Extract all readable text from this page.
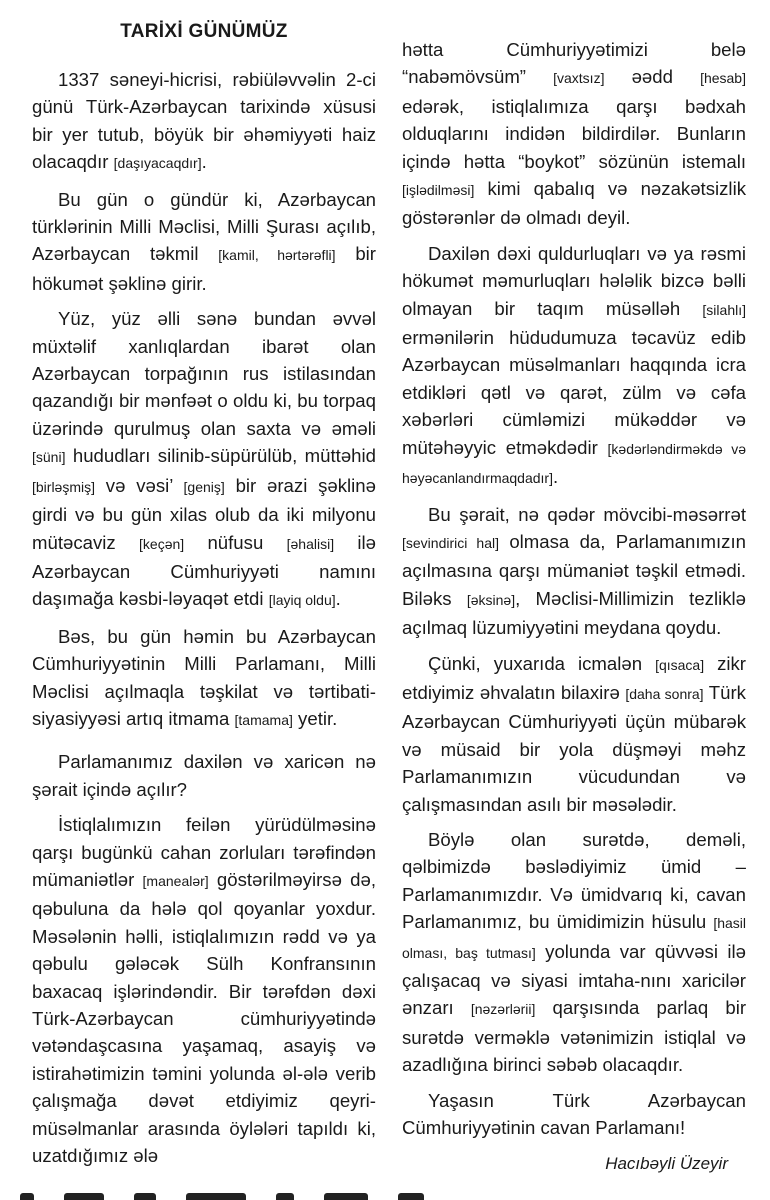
TARİXİ GÜNÜMÜZ

1337 səneyi-hicrisi, rəbiüləvvəlin 2-ci günü Türk-Azərbaycan tarixində xüsusi bir yer tutub, böyük bir əhəmiyyəti haiz olacaqdır [daşıyacaqdır].

Bu gün o gündür ki, Azərbaycan türklərinin Milli Məclisi, Milli Şurası açılıb, Azərbaycan təkmil [kamil, hərtərəfli] bir hökumət şəklinə girir.

Yüz, yüz əlli sənə bundan əvvəl müxtəlif xanlıqlardan ibarət olan Azərbaycan torpağının rus istilasından qazandığı bir mənfəət o oldu ki, bu torpaq üzərində qurulmuş olan saxta və əməli [süni] hududları silinib-süpürülüb, müttəhid [birləşmiş] və vəsi’ [geniş] bir ərazi şəklinə girdi və bu gün xilas olub da iki milyonu mütəcaviz [keçən] nüfusu [əhalisi] ilə Azərbaycan Cümhuriyyəti namını daşımağa kəsbi-ləyaqət etdi [layiq oldu].

Bəs, bu gün həmin bu Azərbaycan Cümhuriyyətinin Milli Parlamanı, Milli Məclisi açılmaqla təşkilat və tərtibati-siyasiyyəsi artıq itmama [tamama] yetir.

Parlamanımız daxilən və xaricən nə şərait içində açılır?

İstiqlalımızın feilən yürüdülməsinə qarşı bugünkü cahan zorluları tərəfindən mümaniətlər [manealər] göstərilməyirsə də, qəbuluna da hələ qol qoyanlar yoxdur. Məsələnin həlli, istiqlalımızın rədd və ya qəbulu gələcək Sülh Konfransının baxacaq işlərindəndir. Bir tərəfdən dəxi Türk-Azərbaycan cümhuriyyətində vətəndaşcasına yaşamaq, asayiş və istirahətimizin təmini yolunda əl-ələ verib çalışmağa dəvət etdiyimiz qeyri-müsəlmanlar arasında öylələri tapıldı ki, uzatdığımız ələ

hətta Cümhuriyyətimizi belə “nabəmövsüm” [vaxtsız] əǝdd [hesab] edərək, istiqlalımıza qarşı bədxah olduqlarını indidən bildirdilər. Bunların içində hətta “boykot” sözünün istemalı [işlədilməsi] kimi qabalıq və nəzakətsizlik göstərənlər də olmadı deyil.

Daxilən dəxi quldurluqları və ya rəsmi hökumət məmurluqları hələlik bizcə bəlli olmayan bir taqım müsəlləh [silahlı] ermənilərin hüdudumuza təcavüz edib Azərbaycan müsəlmanları haqqında icra etdikləri qətl və qarət, zülm və cəfa xəbərləri cümləmizi mükəddər və mütəhəyyic etməkdədir [kədərləndirməkdə və həyəcanlandırmaqdadır].

Bu şərait, nə qədər mövcibi-məsərrət [sevindirici hal] olmasa da, Parlamanımızın açılmasına qarşı mümaniət təşkil etmədi. Biləks [əksinə], Məclisi-Millimizin tezliklə açılmaq lüzumiyyətini meydana qoydu.

Çünki, yuxarıda icmalən [qısaca] zikr etdiyimiz əhvalatın bilaxirə [daha sonra] Türk Azərbaycan Cümhuriyyəti üçün mübarək və müsaid bir yola düşməyi məhz Parlamanımızın vücudundan və çalışmasından asılı bir məsələdir.

Böylə olan surətdə, deməli, qəlbimizdə bəslədiyimiz ümid – Parlamanımızdır. Və ümidvarıq ki, cavan Parlamanımız, bu ümidimizin hüsulu [hasil olması, baş tutması] yolunda var qüvvəsi ilə çalışacaq və siyasi imtaha-nını xaricilər ənzarı [nəzərlərii] qarşısında parlaq bir surətdə verməklə vətənimizin istiqlal və azadlığına birinci səbəb olacaqdır.

Yaşasın Türk Azərbaycan Cümhuriyyətinin cavan Parlamanı!

Hacıbəyli Üzeyir
